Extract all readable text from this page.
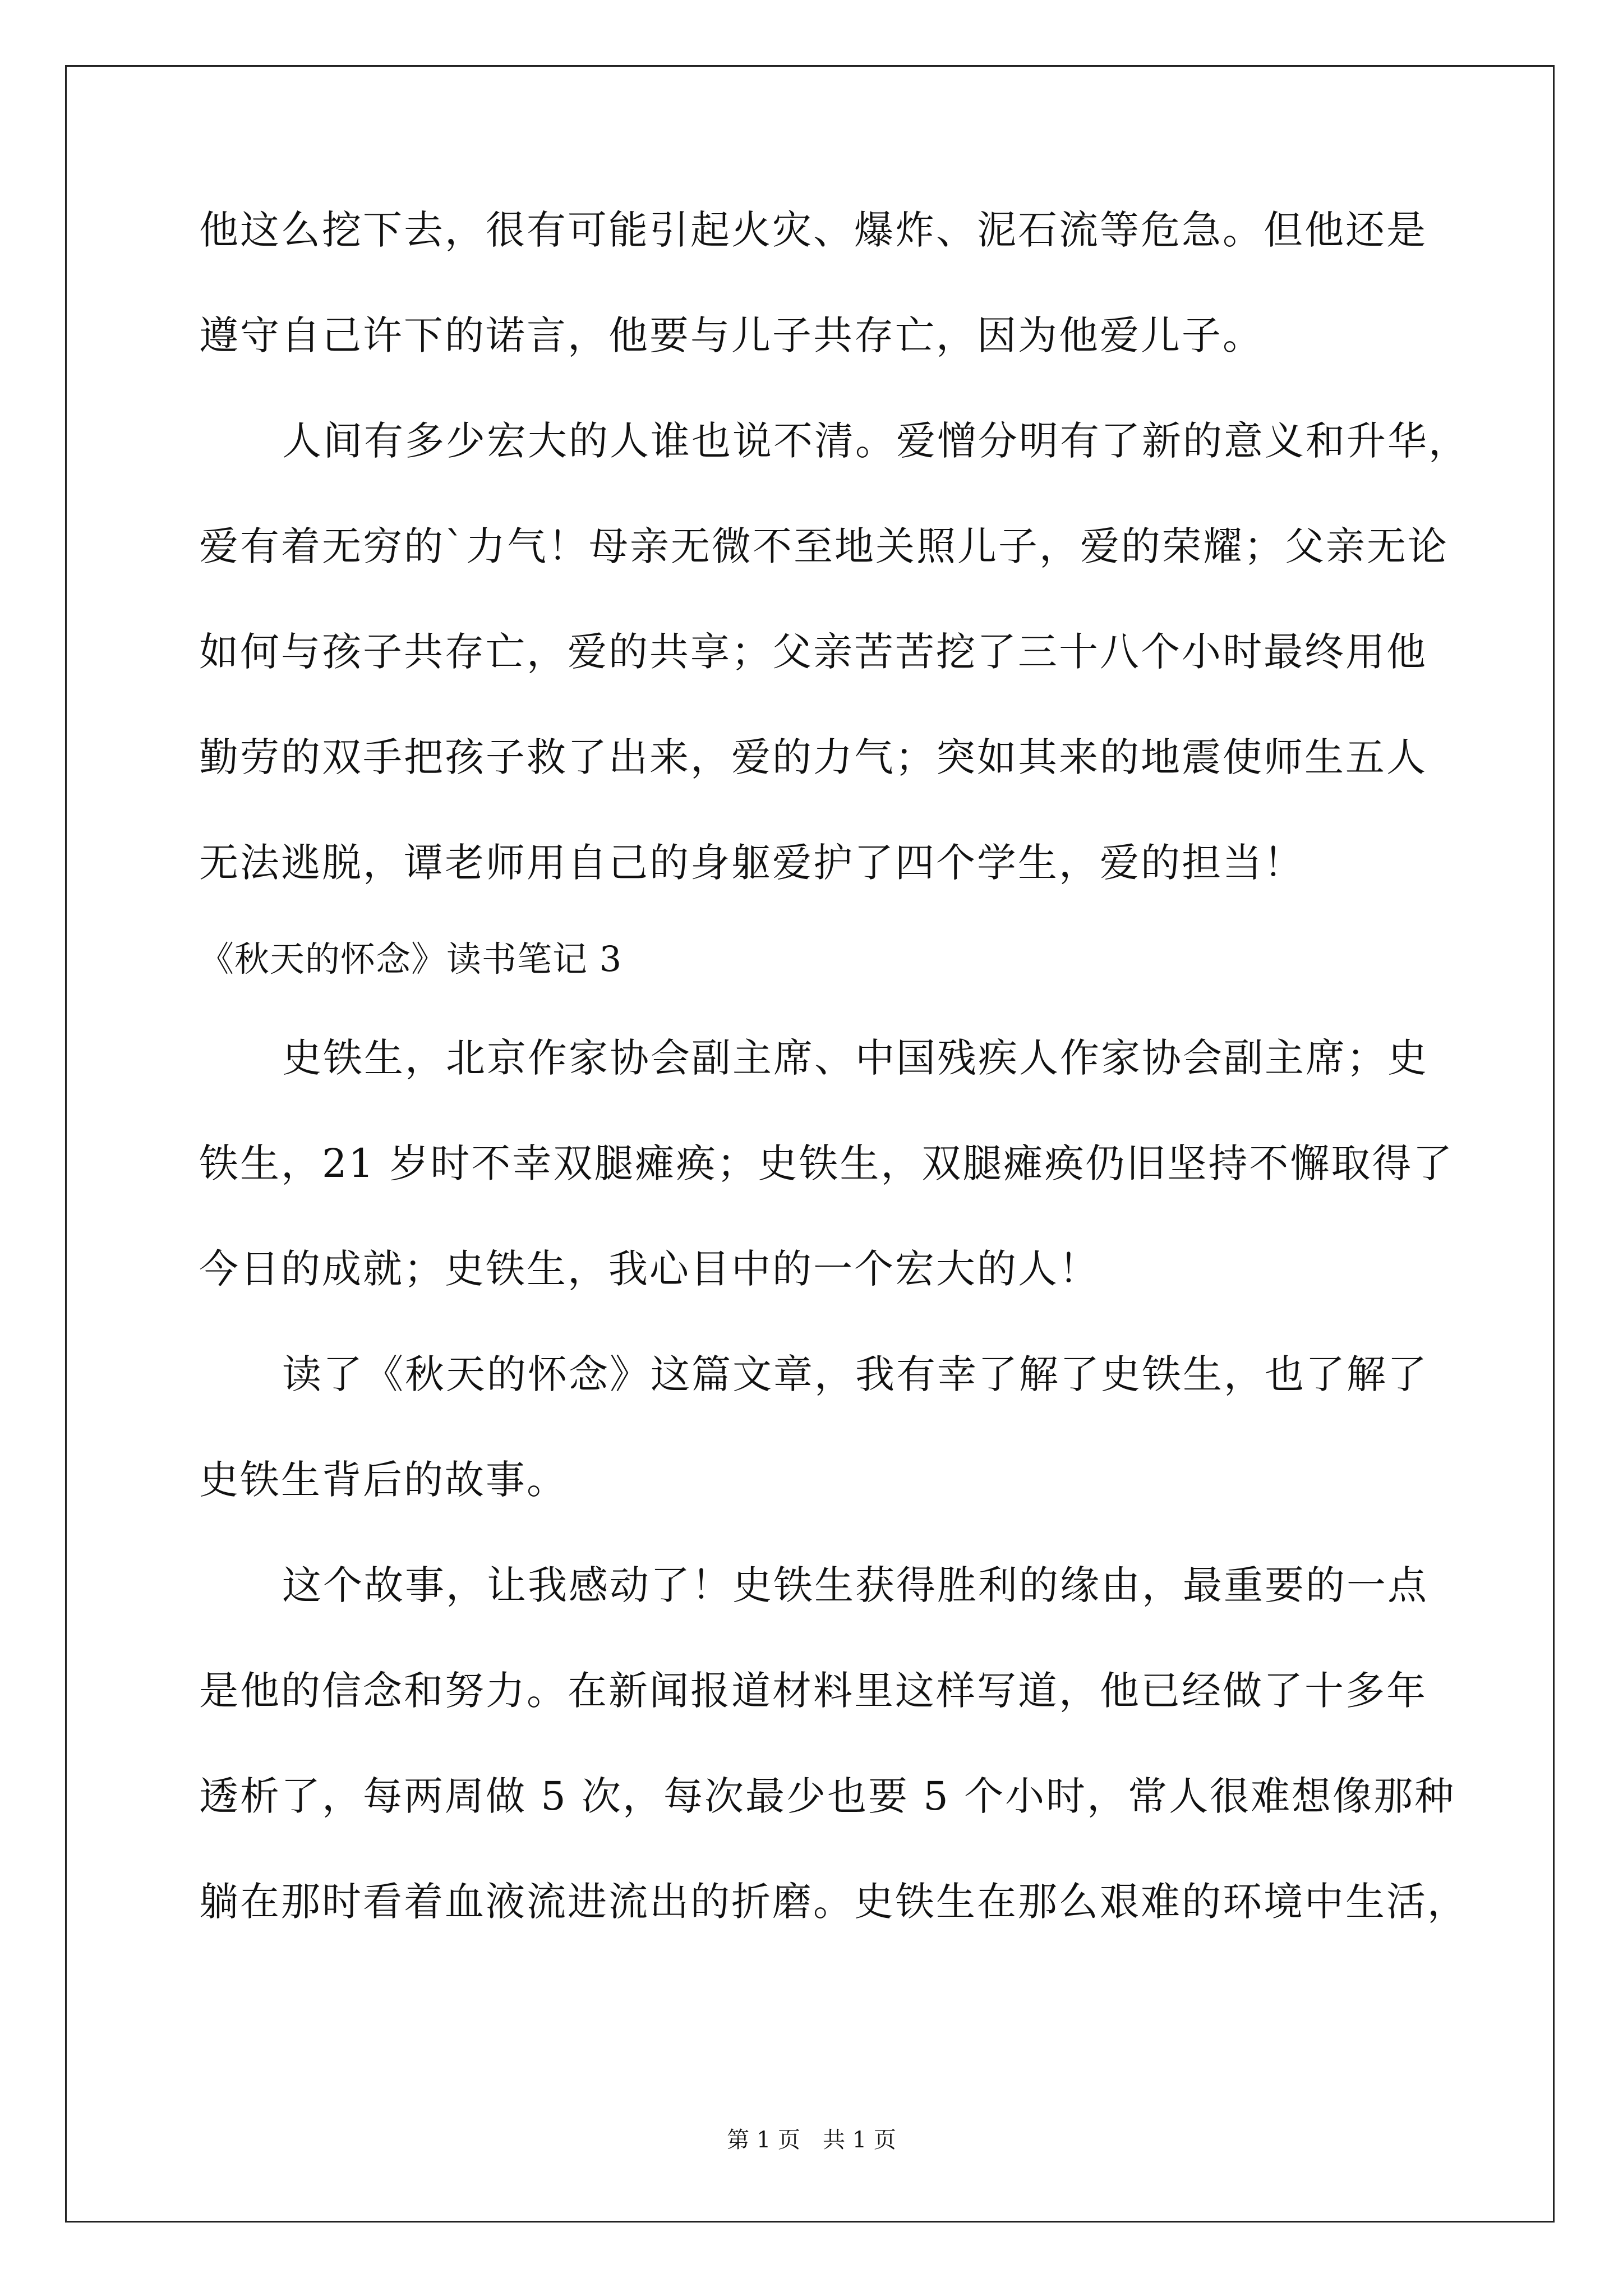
他这么挖下去，很有可能引起火灾、爆炸、泥石流等危急。但他还是
遵守自己许下的诺言，他要与儿子共存亡，因为他爱儿子。
人间有多少宏大的人谁也说不清。爱憎分明有了新的意义和升华，
爱有着无穷的`力气！母亲无微不至地关照儿子，爱的荣耀；父亲无论
如何与孩子共存亡，爱的共享；父亲苦苦挖了三十八个小时最终用他
勤劳的双手把孩子救了出来，爱的力气；突如其来的地震使师生五人
无法逃脱，谭老师用自己的身躯爱护了四个学生，爱的担当！
《秋天的怀念》读书笔记 3
史铁生，北京作家协会副主席、中国残疾人作家协会副主席；史
铁生，21 岁时不幸双腿瘫痪；史铁生，双腿瘫痪仍旧坚持不懈取得了
今日的成就；史铁生，我心目中的一个宏大的人！
读了《秋天的怀念》这篇文章，我有幸了解了史铁生，也了解了
史铁生背后的故事。
这个故事，让我感动了！史铁生获得胜利的缘由，最重要的一点
是他的信念和努力。在新闻报道材料里这样写道，他已经做了十多年
透析了，每两周做 5 次，每次最少也要 5 个小时，常人很难想像那种
躺在那时看着血液流进流出的折磨。史铁生在那么艰难的环境中生活，
第 1 页　共 1 页
